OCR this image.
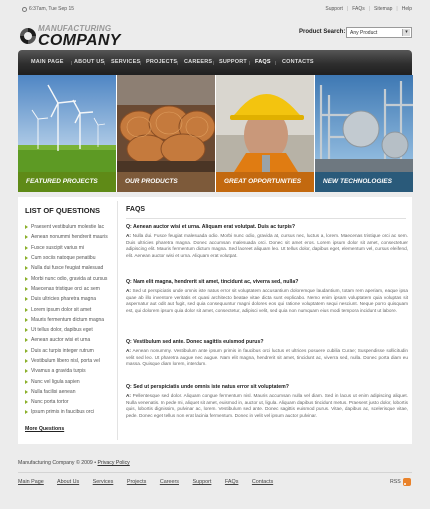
6:37am, Tue Sep 15	Support | FAQs | Sitemap | Help
MANUFACTURING
COMPANY	Product Search: Any Product	▾
MAIN PAGE ABOUT US SERVICES PROJECTS CAREERS SUPPORT FAQS CONTACTS
FEATURED PROJECTS	OUR PRODUCTS	GREAT OPPORTUNITIES	NEW TECHNOLOGIES
LIST OF QUESTIONS
Praesent vestibulum molestie lac
Aenean nonummi hendrerit mauris
Fusce suscipit varius mi
Cum sociis natoque penatibu
Nulla dui fusce feugiat malesuad
Morbi nunc odio, gravida at cursus
Maecenas tristique orci ac sem
Duis ultricies pharetra magna
Lorem ipsum dolor sit amet
Mauris fermentum dictum magna
Ut tellus dolor, dapibus eget
Aenean auctor wisi et urna
Duis ac turpis integer rutrum
Vestibulum libero nisl, porta vel
Vivamus a gravida turpis
Nunc vel ligula sapien
Nulla facilisi aenean
Nunc porta tortor
Ipsum primis in faucibus orci
More Questions
FAQS
Q: Aenean auctor wisi et urna. Aliquam erat volutpat. Duis ac turpis?
A: Nulla dui. Fusce feugiat malesuada odio. Morbi nunc odio, gravida at, cursus nec, luctus a, lorem. Maecenas tristique orci ac sem. Duis ultricies pharetra magna. Donec accumsan malesuada orci. Donec sit amet eros. Lorem ipsum dolor sit amet, consectetuer adipiscing elit. Mauris fermentum dictum magna. Sed laoreet aliquam leo. Ut tellus dolor, dapibus eget, elementum vel, cursus eleifend, elit. Aenean auctor wisi et urna. Aliquam erat volutpat.
Q: Nam elit magna, hendrerit sit amet, tincidunt ac, viverra sed, nulla?
A: Sed ut perspiciatis unde omnis iste natus error sit voluptatem accusantium doloremque laudantium, totam rem aperiam, eaque ipsa quae ab illo inventore veritatis et quasi architecto beatae vitae dicta sunt explicabo. Nemo enim ipsam voluptatem quia voluptas sit aspernatur aut odit aut fugit, sed quia consequuntur magni dolores eos qui ratione voluptatem sequi nesciunt. Neque porro quisquam est, qui dolorem ipsum quia dolor sit amet, consectetur, adipisci velit, sed quia non numquam eius modi tempora incidunt ut labore.
Q: Vestibulum sed ante. Donec sagittis euismod purus?
A: Aenean nonummy. Vestibulum ante ipsum primis in faucibus orci luctus et ultrices posuere cubilia Curae; Suspendisse sollicitudin velit sed leo. Ut pharetra augue nec augue. Nam elit magna, hendrerit sit amet, tincidunt ac, viverra sed, nulla. Donec porta diam eu massa. Quisque diam lorem, interdum.
Q: Sed ut perspiciatis unde omnis iste natus error sit voluptatem?
A: Pellentesque sed dolor. Aliquam congue fermentum nisl. Mauris accumsan nulla vel diam. Sed in lacus ut enim adipiscing aliquet. Nulla venenatis. In pede mi, aliquet sit amet, euismod in, auctor ut, ligula. Aliquam dapibus tincidunt metus. Praesent justo dolor, lobortis quis, lobortis dignissim, pulvinar ac, lorem. Vestibulum sed ante. Donec sagittis euismod purus. Vitae, dapibus ac, scelerisque vitae, pede. Donec eget tellus non erat lacinia fermentum. Donec in velit vel ipsum auctor pulvinar.
Manufacturing Company © 2009 • Privacy Policy
Main Page About Us	Services	Projects	Careers	Support	FAQs	Contacts	RSS
